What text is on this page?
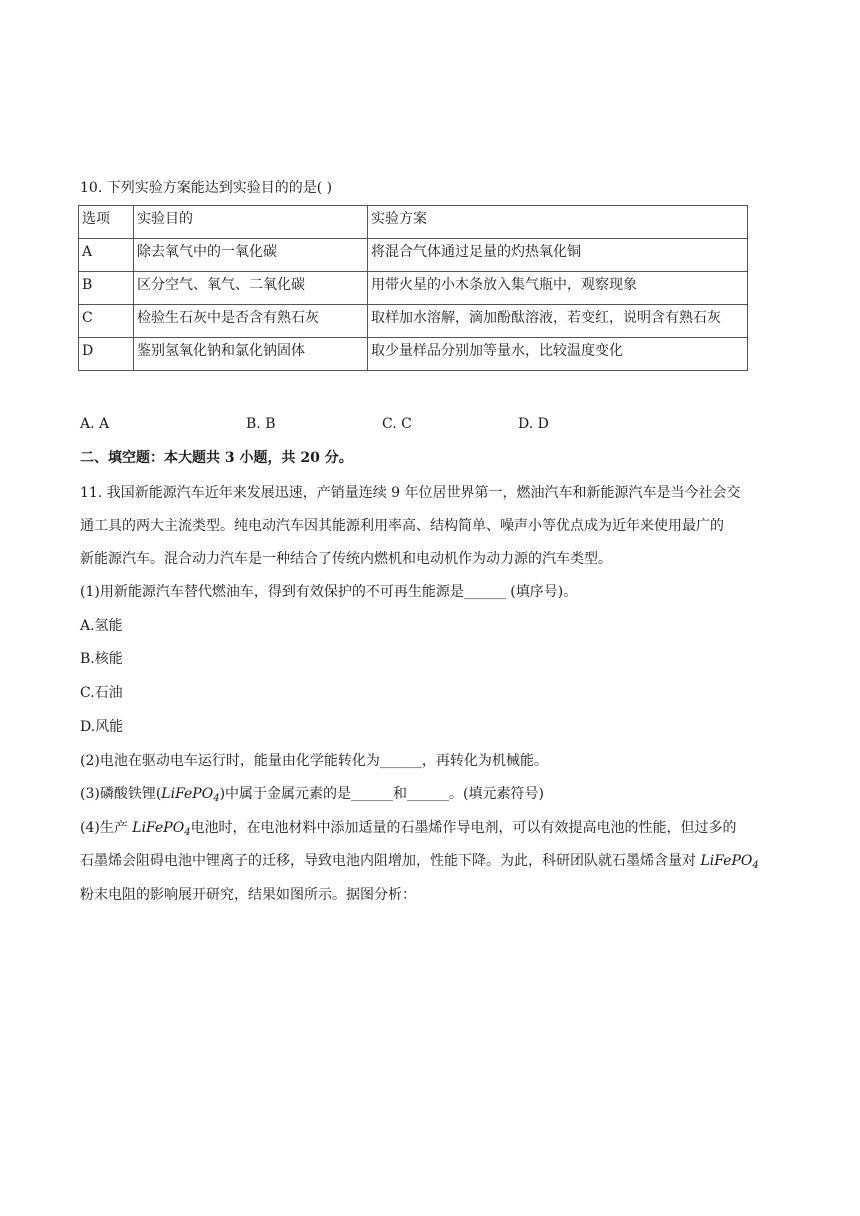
10. 下列实验方案能达到实验目的的是( )
选项	实验目的	实验方案
A	除去氧气中的一氧化碳	将混合气体通过足量的灼热氧化铜
B	区分空气、氧气、二氧化碳	用带火星的小木条放入集气瓶中，观察现象
C	检验生石灰中是否含有熟石灰	取样加水溶解，滴加酚酞溶液，若变红，说明含有熟石灰
D	鉴别氢氧化钠和氯化钠固体	取少量样品分别加等量水，比较温度变化
A. A	B. B	C. C	D. D
二、填空题：本大题共 3 小题，共 20 分。
11. 我国新能源汽车近年来发展迅速，产销量连续 9 年位居世界第一，燃油汽车和新能源汽车是当今社会交
通工具的两大主流类型。纯电动汽车因其能源利用率高、结构简单、噪声小等优点成为近年来使用最广的
新能源汽车。混合动力汽车是一种结合了传统内燃机和电动机作为动力源的汽车类型。
(1)用新能源汽车替代燃油车，得到有效保护的不可再生能源是______ (填序号)。
A.氢能
B.核能
C.石油
D.风能
(2)电池在驱动电车运行时，能量由化学能转化为______，再转化为机械能。
(3)磷酸铁锂(LiFePO$_4$)中属于金属元素的是______和______。(填元素符号)
(4)生产 LiFePO$_4$电池时，在电池材料中添加适量的石墨烯作导电剂，可以有效提高电池的性能，但过多的
石墨烯会阻碍电池中锂离子的迁移，导致电池内阻增加，性能下降。为此，科研团队就石墨烯含量对 LiFePO$_4$
粉末电阻的影响展开研究，结果如图所示。据图分析：
